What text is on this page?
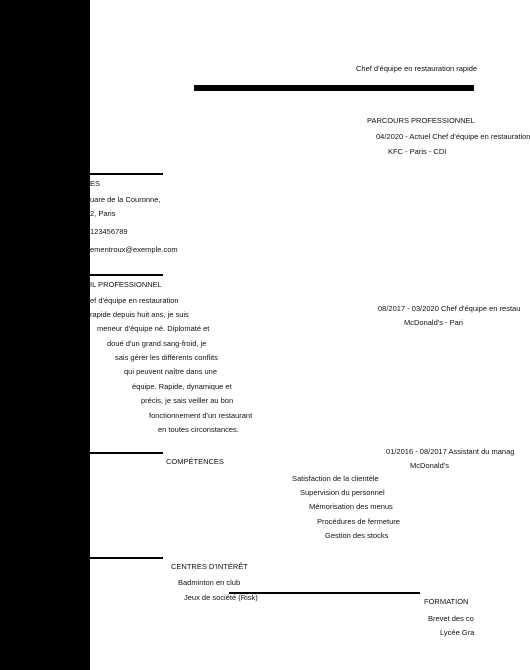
Chef d'équipe en restauration rapide
PARCOURS PROFESSIONNEL
04/2020 - Actuel Chef d'équipe en restauration
KFC - Paris - CDI
08/2017 - 03/2020 Chef d'équipe en restau
McDonald's - Pari
01/2016 - 08/2017 Assistant du manag
McDonald's
ES
uare de la Couronne,
2, Paris
123456789
ementroux@exemple.com
IL PROFESSIONNEL
ef d'équipe en restauration
rapide depuis huit ans, je suis
meneur d'équipe né. Diplomaté et
doué d'un grand sang-froid, je
sais gérer les différents conflits
qui peuvent naître dans une
équipe. Rapide, dynamique et
précis, je sais veiller au bon
fonctionnement d'un restaurant
en toutes circonstances.
COMPÉTENCES
Satisfaction de la clientèle
Supervision du personnel
Mémorisation des menus
Procédures de fermeture
Gestion des stocks
CENTRES D'INTÉRÊT
Badminton en club
Jeux de société (Risk)	FORMATION
Brevet des co
Lycée Gra
